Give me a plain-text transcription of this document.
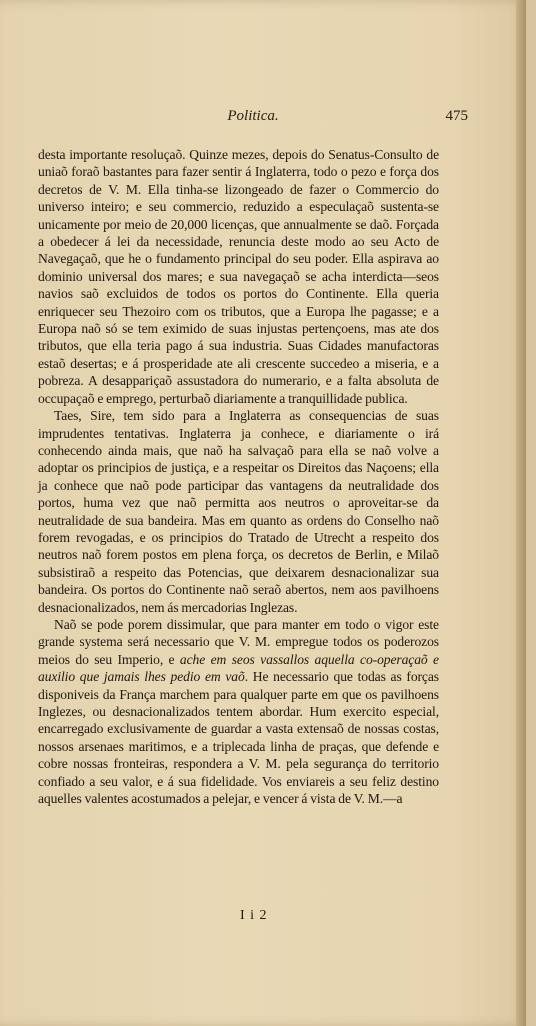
Politica.	475

desta importante resoluçaõ. Quinze mezes, depois do Senatus-Consulto de uniaõ foraõ bastantes para fazer sentir á Inglaterra, todo o pezo e força dos decretos de V. M. Ella tinha-se lizongeado de fazer o Commercio do universo inteiro; e seu commercio, reduzido a especulaçaõ sustenta-se unicamente por meio de 20,000 licenças, que annualmente se daõ. Forçada a obedecer á lei da necessidade, renuncia deste modo ao seu Acto de Navegaçaõ, que he o fundamento principal do seu poder. Ella aspirava ao dominio universal dos mares; e sua navegaçaõ se acha interdicta—seos navios saõ excluidos de todos os portos do Continente. Ella queria enriquecer seu Thezoiro com os tributos, que a Europa lhe pagasse; e a Europa naõ só se tem eximido de suas injustas pertençoens, mas ate dos tributos, que ella teria pago á sua industria. Suas Cidades manufactoras estaõ desertas; e á prosperidade ate ali crescente succedeo a miseria, e a pobreza. A desappariçaõ assustadora do numerario, e a falta absoluta de occupaçaõ e emprego, perturbaõ diariamente a tranquillidade publica.

Taes, Sire, tem sido para a Inglaterra as consequencias de suas imprudentes tentativas. Inglaterra ja conhece, e diariamente o irá conhecendo ainda mais, que naõ ha salvaçaõ para ella se naõ volve a adoptar os principios de justiça, e a respeitar os Direitos das Naçoens; ella ja conhece que naõ pode participar das vantagens da neutralidade dos portos, huma vez que naõ permitta aos neutros o aproveitar-se da neutralidade de sua bandeira. Mas em quanto as ordens do Conselho naõ forem revogadas, e os principios do Tratado de Utrecht a respeito dos neutros naõ forem postos em plena força, os decretos de Berlin, e Milaõ subsistiraõ a respeito das Potencias, que deixarem desnacionalizar sua bandeira. Os portos do Continente naõ seraõ abertos, nem aos pavilhoens desnacionalizados, nem ás mercadorias Inglezas.

Naõ se pode porem dissimular, que para manter em todo o vigor este grande systema será necessario que V. M. empregue todos os poderozos meios do seu Imperio, e ache em seos vassallos aquella co-operaçaõ e auxilio que jamais lhes pedio em vaõ. He necessario que todas as forças disponiveis da França marchem para qualquer parte em que os pavilhoens Inglezes, ou desnacionalizados tentem abordar. Hum exercito especial, encarregado exclusivamente de guardar a vasta extensaõ de nossas costas, nossos arsenaes maritimos, e a triplecada linha de praças, que defende e cobre nossas fronteiras, respondera a V. M. pela segurança do territorio confiado a seu valor, e á sua fidelidade. Vos enviareis a seu feliz destino aquelles valentes acostumados a pelejar, e vencer á vista de V. M.—a

I i 2
